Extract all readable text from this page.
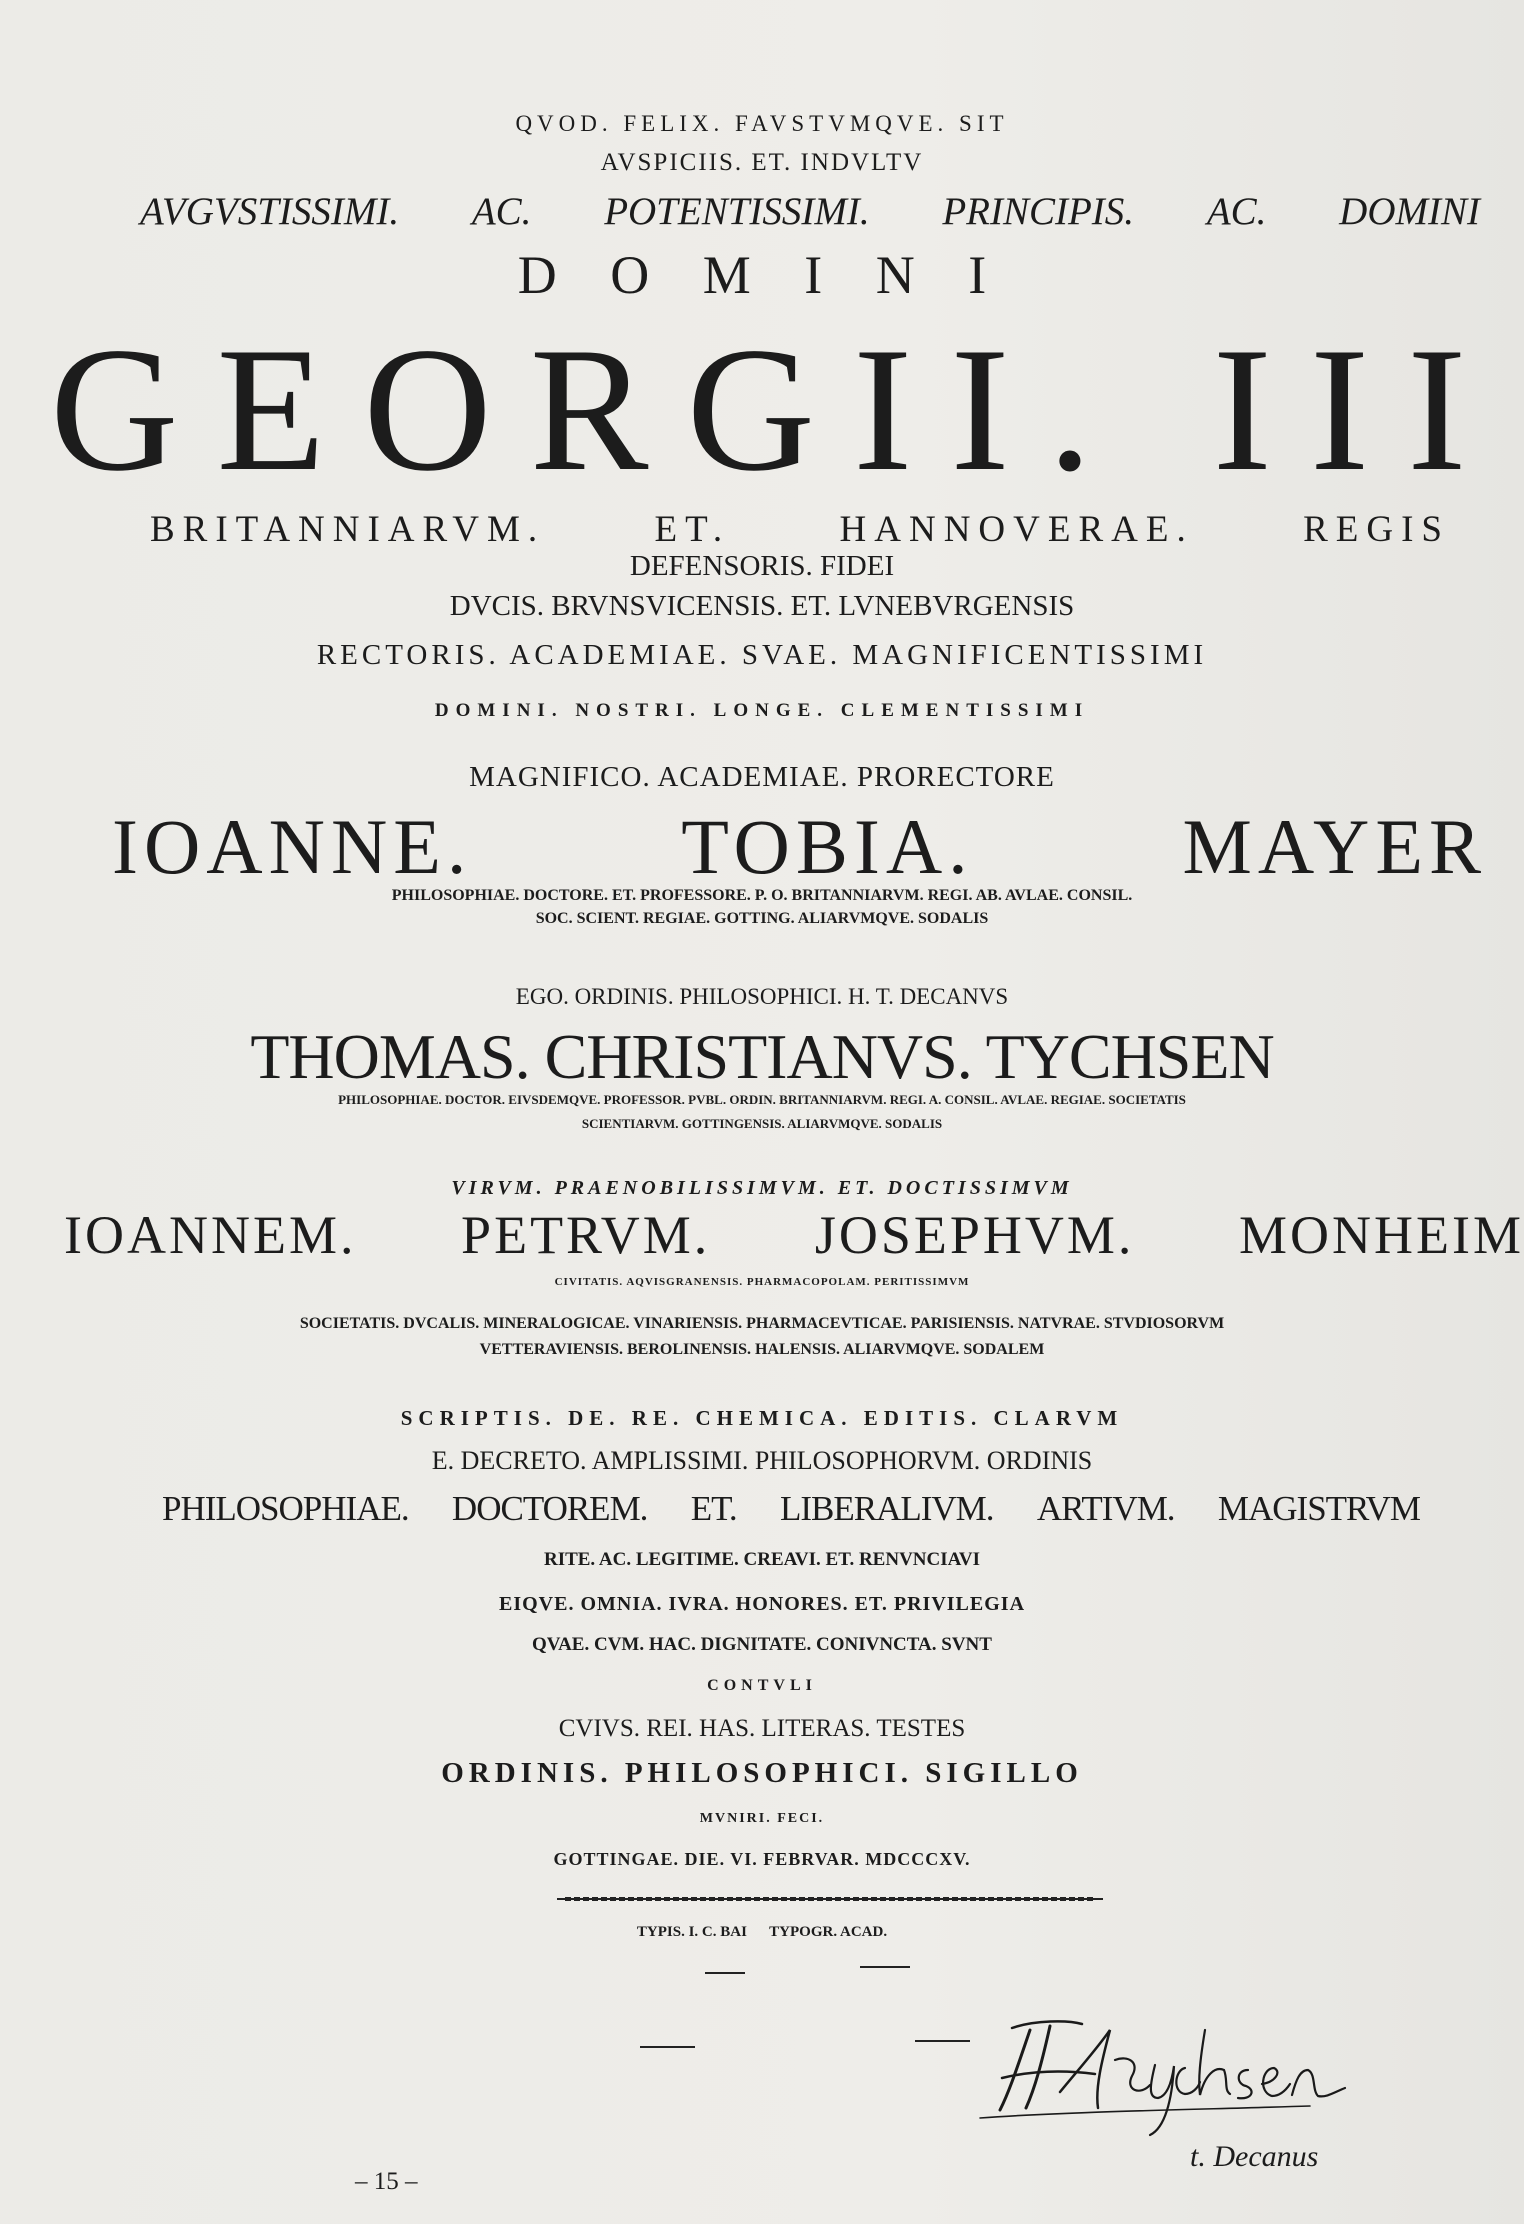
QVOD. FELIX. FAVSTVMQVE. SIT
AVSPICIIS. ET. INDVLTV
AVGVSTISSIMI. AC. POTENTISSIMI. PRINCIPIS. AC. DOMINI
D O M I N I
GEORGII. III
BRITANNIARVM.	ET.	HANNOVERAE.	REGIS
DEFENSORIS. FIDEI
DVCIS. BRVNSVICENSIS. ET. LVNEBVRGENSIS
RECTORIS. ACADEMIAE. SVAE. MAGNIFICENTISSIMI
DOMINI. NOSTRI. LONGE. CLEMENTISSIMI
MAGNIFICO. ACADEMIAE. PRORECTORE
IOANNE.	TOBIA.	MAYER
PHILOSOPHIAE. DOCTORE. ET. PROFESSORE. P. O. BRITANNIARVM. REGI. AB. AVLAE. CONSIL.
SOC. SCIENT. REGIAE. GOTTING. ALIARVMQVE. SODALIS
EGO. ORDINIS. PHILOSOPHICI. H. T. DECANVS
THOMAS. CHRISTIANVS. TYCHSEN
PHILOSOPHIAE. DOCTOR. EIVSDEMQVE. PROFESSOR. PVBL. ORDIN. BRITANNIARVM. REGI. A. CONSIL. AVLAE. REGIAE. SOCIETATIS
SCIENTIARVM. GOTTINGENSIS. ALIARVMQVE. SODALIS
VIRVM. PRAENOBILISSIMVM. ET. DOCTISSIMVM
IOANNEM. PETRVM. JOSEPHVM. MONHEIM
CIVITATIS. AQVISGRANENSIS. PHARMACOPOLAM. PERITISSIMVM
SOCIETATIS. DVCALIS. MINERALOGICAE. VINARIENSIS. PHARMACEVTICAE. PARISIENSIS. NATVRAE. STVDIOSORVM
VETTERAVIENSIS. BEROLINENSIS. HALENSIS. ALIARVMQVE. SODALEM
SCRIPTIS. DE. RE. CHEMICA. EDITIS. CLARVM
E. DECRETO. AMPLISSIMI. PHILOSOPHORVM. ORDINIS
PHILOSOPHIAE. DOCTOREM. ET. LIBERALIVM. ARTIVM. MAGISTRVM
RITE. AC. LEGITIME. CREAVI. ET. RENVNCIAVI
EIQVE. OMNIA. IVRA. HONORES. ET. PRIVILEGIA
QVAE. CVM. HAC. DIGNITATE. CONIVNCTA. SVNT
CONTVLI
CVIVS. REI. HAS. LITERAS. TESTES
ORDINIS. PHILOSOPHICI. SIGILLO
MVNIRI. FECI.
GOTTINGAE. DIE. VI. FEBRVAR. MDCCCXV.
TYPIS. I. C. BAI      TYPOGR. ACAD.
t. Decanus
– 15 –
